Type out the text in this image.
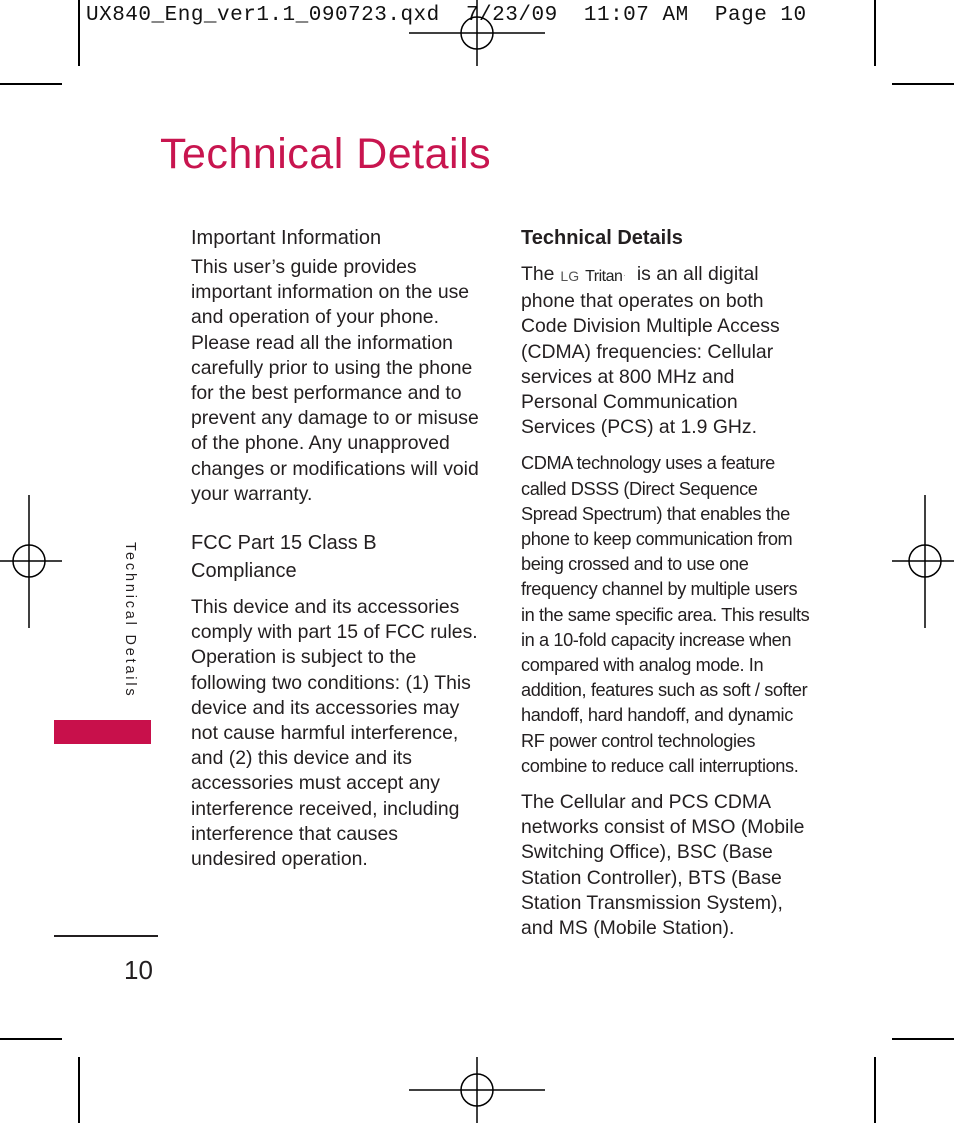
UX840_Eng_ver1.1_090723.qxd  7/23/09  11:07 AM  Page 10
Technical Details

Important Information

This user’s guide provides important information on the use and operation of your phone. Please read all the information carefully prior to using the phone for the best performance and to prevent any damage to or misuse of the phone. Any unapproved changes or modifications will void your warranty.

FCC Part 15 Class B Compliance

This device and its accessories comply with part 15 of FCC rules. Operation is subject to the following two conditions: (1) This device and its accessories may not cause harmful interference, and (2) this device and its accessories must accept any interference received, including interference that causes undesired operation.

Technical Details

The LG Tritan· is an all digital phone that operates on both Code Division Multiple Access (CDMA) frequencies: Cellular services at 800 MHz and Personal Communication Services (PCS) at 1.9 GHz.

CDMA technology uses a feature called DSSS (Direct Sequence Spread Spectrum) that enables the phone to keep communication from being crossed and to use one frequency channel by multiple users in the same specific area. This results in a 10-fold capacity increase when compared with analog mode. In addition, features such as soft / softer handoff, hard handoff, and dynamic RF power control technologies combine to reduce call interruptions.

The Cellular and PCS CDMA networks consist of MSO (Mobile Switching Office), BSC (Base Station Controller), BTS (Base Station Transmission System), and MS (Mobile Station).

Technical Details
10
